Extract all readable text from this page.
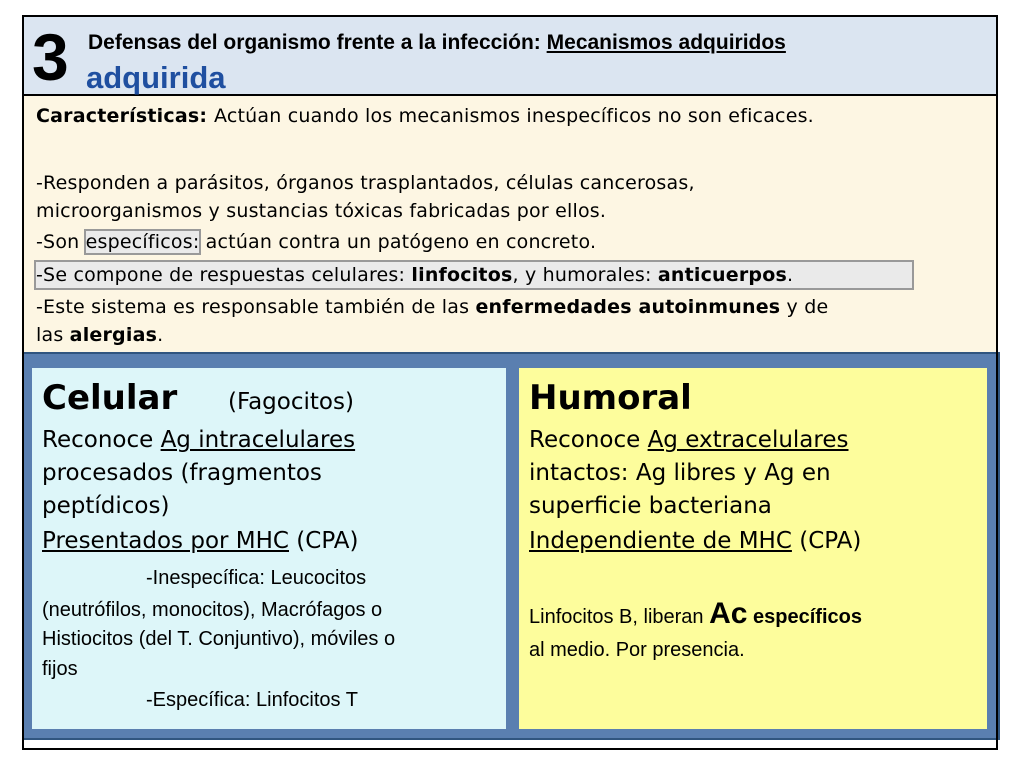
3 Defensas del organismo frente a la infección: Mecanismos adquiridos
adquirida
Características: Actúan cuando los mecanismos inespecíficos no son eficaces.
-Responden a parásitos, órganos trasplantados, células cancerosas,
microorganismos y sustancias tóxicas fabricadas por ellos.
-Son específicos: actúan contra un patógeno en concreto.
-Se compone de respuestas celulares: linfocitos, y humorales: anticuerpos.
-Este sistema es responsable también de las enfermedades autoinmunes y de
las alergias.
Celular (Fagocitos)
Reconoce Ag intracelulares
procesados (fragmentos
peptídicos)
Presentados por MHC (CPA)
-Inespecífica: Leucocitos
(neutrófilos, monocitos), Macrófagos o
Histiocitos (del T. Conjuntivo), móviles o
fijos
-Específica: Linfocitos T
Humoral
Reconoce Ag extracelulares
intactos: Ag libres y Ag en
superficie bacteriana
Independiente de MHC (CPA)
Linfocitos B, liberan Ac específicos
al medio. Por presencia.
